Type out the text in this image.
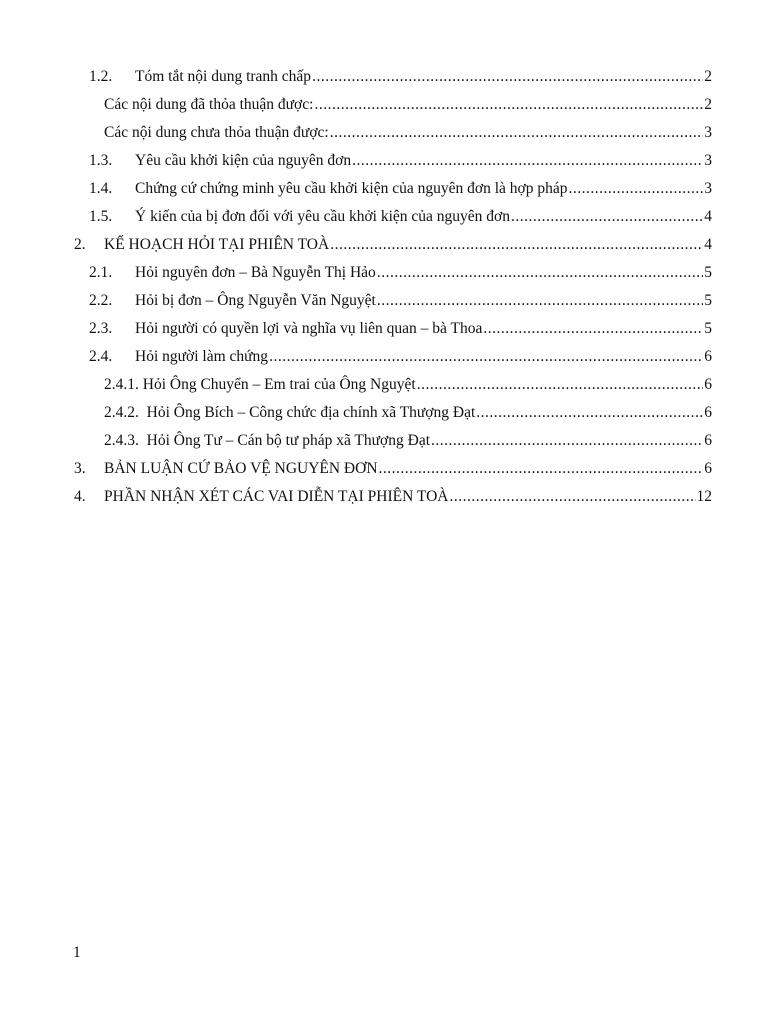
1.2.	Tóm tắt nội dung tranh chấp .....	2
Các nội dung đã thỏa thuận được: .....	2
Các nội dung chưa thỏa thuận được: .....	3
1.3.	Yêu cầu khởi kiện của nguyên đơn .....	3
1.4.	Chứng cứ chứng minh yêu cầu khởi kiện của nguyên đơn là hợp pháp .....	3
1.5.	Ý kiến của bị đơn đối với yêu cầu khởi kiện của nguyên đơn .....	4
2.	KẾ HOẠCH HỎI TẠI PHIÊN TOÀ .....	4
2.1.	Hỏi nguyên đơn – Bà Nguyễn Thị Hảo .....	5
2.2.	Hỏi bị đơn – Ông Nguyễn Văn Nguyệt .....	5
2.3.	Hỏi người có quyền lợi và nghĩa vụ liên quan – bà Thoa .....	5
2.4.	Hỏi người làm chứng .....	6
2.4.1. Hỏi Ông Chuyển – Em trai của Ông Nguyệt .....	6
2.4.2.  Hỏi Ông Bích – Công chức địa chính xã Thượng Đạt .....	6
2.4.3.  Hỏi Ông Tư – Cán bộ tư pháp xã Thượng Đạt .....	6
3.	BẢN LUẬN CỨ BẢO VỆ NGUYÊN ĐƠN .....	6
4.	PHẦN NHẬN XÉT CÁC VAI DIỄN TẠI PHIÊN TOÀ .....	12
1
